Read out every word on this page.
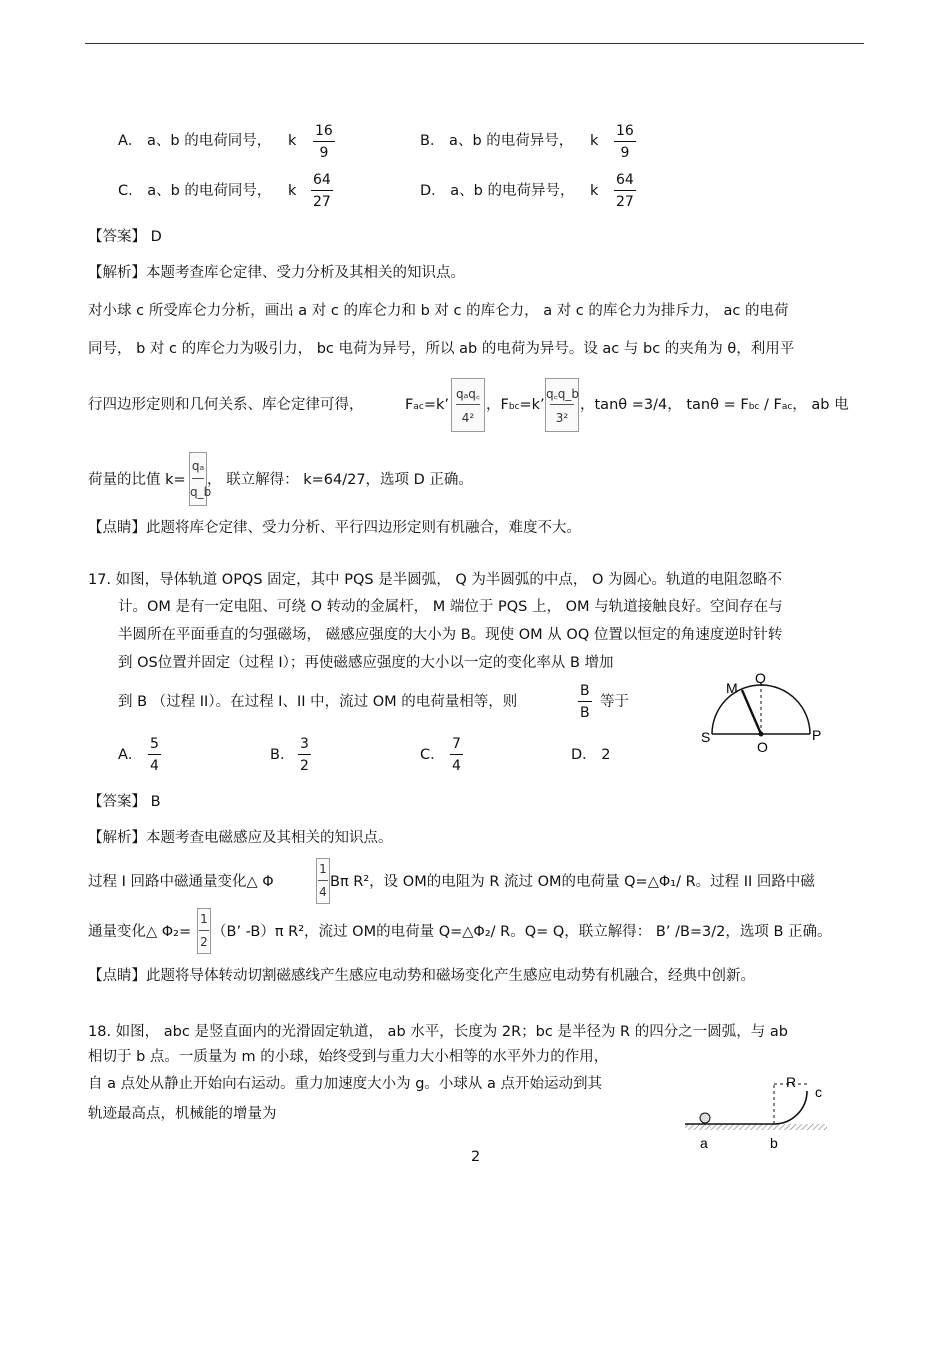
A． a、b 的电荷同号， k $\frac{16}{9}$	B． a、b 的电荷异号， k $\frac{16}{9}$
C． a、b 的电荷同号， k $\frac{64}{27}$	D． a、b 的电荷异号， k $\frac{64}{27}$
【答案】 D
【解析】本题考查库仑定律、受力分析及其相关的知识点。
对小球 c 所受库仑力分析，画出 a 对 c 的库仑力和 b 对 c 的库仑力， a 对 c 的库仑力为排斥力， ac 的电荷
同号， b 对 c 的库仑力为吸引力， bc 电荷为异号，所以 ab 的电荷为异号。设 ac 与 bc 的夹角为 θ，利用平
行四边形定则和几何关系、库仑定律可得，	Fac=k’
qₐq꜀
4²
，Fbc=k’
q꜀q_b
3²
，tanθ =3/4， tanθ = Fbc / Fac， ab 电
荷量的比值 k=
qₐ
q_b
， 联立解得： k=64/27，选项 D 正确。
【点睛】此题将库仑定律、受力分析、平行四边形定则有机融合，难度不大。
17. 如图，导体轨道 OPQS 固定，其中 PQS 是半圆弧， Q 为半圆弧的中点， O 为圆心。轨道的电阻忽略不
计。OM 是有一定电阻、可绕 O 转动的金属杆， M 端位于 PQS 上， OM 与轨道接触良好。空间存在与
半圆所在平面垂直的匀强磁场， 磁感应强度的大小为 B。现使 OM 从 OQ 位置以恒定的角速度逆时针转
到 OS位置并固定（过程 I）；再使磁感应强度的大小以一定的变化率从 B 增加
到 B （过程 II）。在过程 I、II 中，流过 OM 的电荷量相等，则	$\frac{B}{B}$ 等于
M
Q
S
O
P
A． $\frac{5}{4}$	B． $\frac{3}{2}$	C． $\frac{7}{4}$	D． 2
【答案】 B
【解析】本题考查电磁感应及其相关的知识点。
过程 I 回路中磁通量变化△ Φ
1
4
Bπ R²，设 OM的电阻为 R 流过 OM的电荷量 Q=△Φ₁/ R。过程 II 回路中磁
通量变化△ Φ₂=
1
2
（B’ -B）π R²，流过 OM的电荷量 Q=△Φ₂/ R。Q= Q，联立解得： B’ /B=3/2，选项 B 正确。
【点睛】此题将导体转动切割磁感线产生感应电动势和磁场变化产生感应电动势有机融合，经典中创新。
18. 如图， abc 是竖直面内的光滑固定轨道， ab 水平，长度为 2R；bc 是半径为 R 的四分之一圆弧，与 ab
相切于 b 点。一质量为 m 的小球，始终受到与重力大小相等的水平外力的作用，
自 a 点处从静止开始向右运动。重力加速度大小为 g。小球从 a 点开始运动到其
轨迹最高点，机械能的增量为
R
c
a	b
2
